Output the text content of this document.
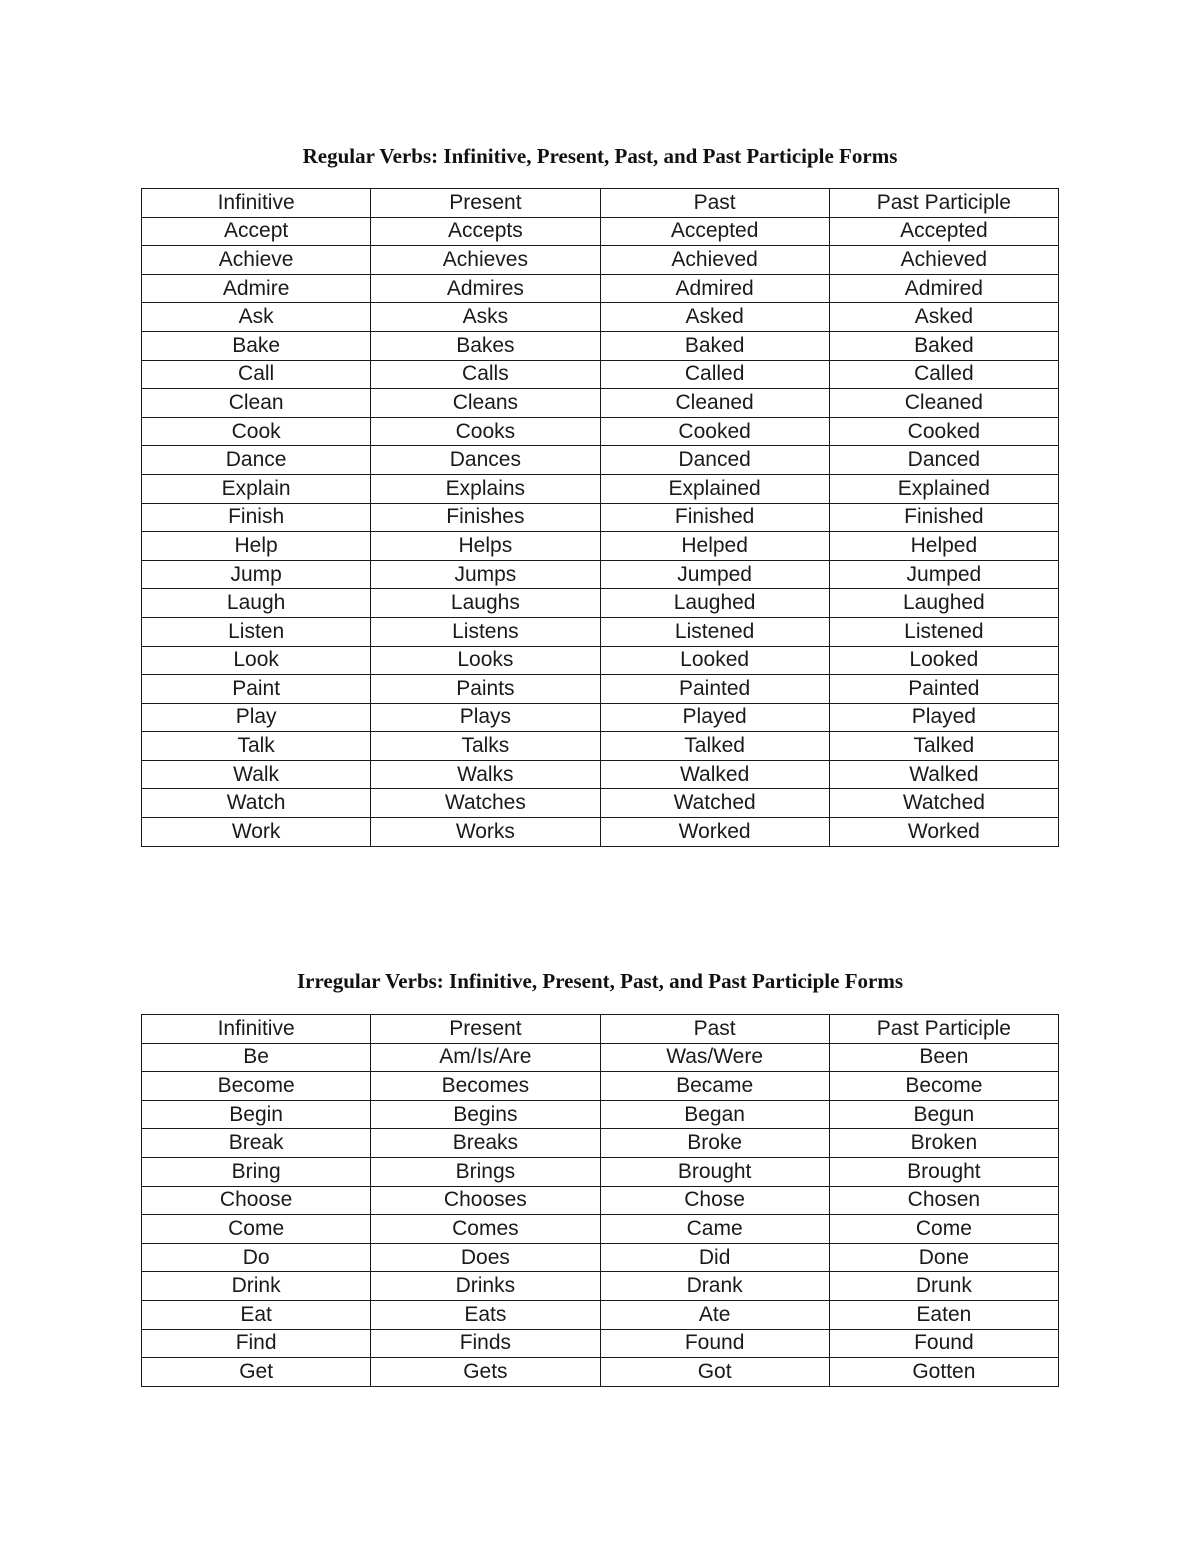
Regular Verbs: Infinitive, Present, Past, and Past Participle Forms
Infinitive	Present	Past	Past Participle
Accept	Accepts	Accepted	Accepted
Achieve	Achieves	Achieved	Achieved
Admire	Admires	Admired	Admired
Ask	Asks	Asked	Asked
Bake	Bakes	Baked	Baked
Call	Calls	Called	Called
Clean	Cleans	Cleaned	Cleaned
Cook	Cooks	Cooked	Cooked
Dance	Dances	Danced	Danced
Explain	Explains	Explained	Explained
Finish	Finishes	Finished	Finished
Help	Helps	Helped	Helped
Jump	Jumps	Jumped	Jumped
Laugh	Laughs	Laughed	Laughed
Listen	Listens	Listened	Listened
Look	Looks	Looked	Looked
Paint	Paints	Painted	Painted
Play	Plays	Played	Played
Talk	Talks	Talked	Talked
Walk	Walks	Walked	Walked
Watch	Watches	Watched	Watched
Work	Works	Worked	Worked
Irregular Verbs: Infinitive, Present, Past, and Past Participle Forms
Infinitive	Present	Past	Past Participle
Be	Am/Is/Are	Was/Were	Been
Become	Becomes	Became	Become
Begin	Begins	Began	Begun
Break	Breaks	Broke	Broken
Bring	Brings	Brought	Brought
Choose	Chooses	Chose	Chosen
Come	Comes	Came	Come
Do	Does	Did	Done
Drink	Drinks	Drank	Drunk
Eat	Eats	Ate	Eaten
Find	Finds	Found	Found
Get	Gets	Got	Gotten
